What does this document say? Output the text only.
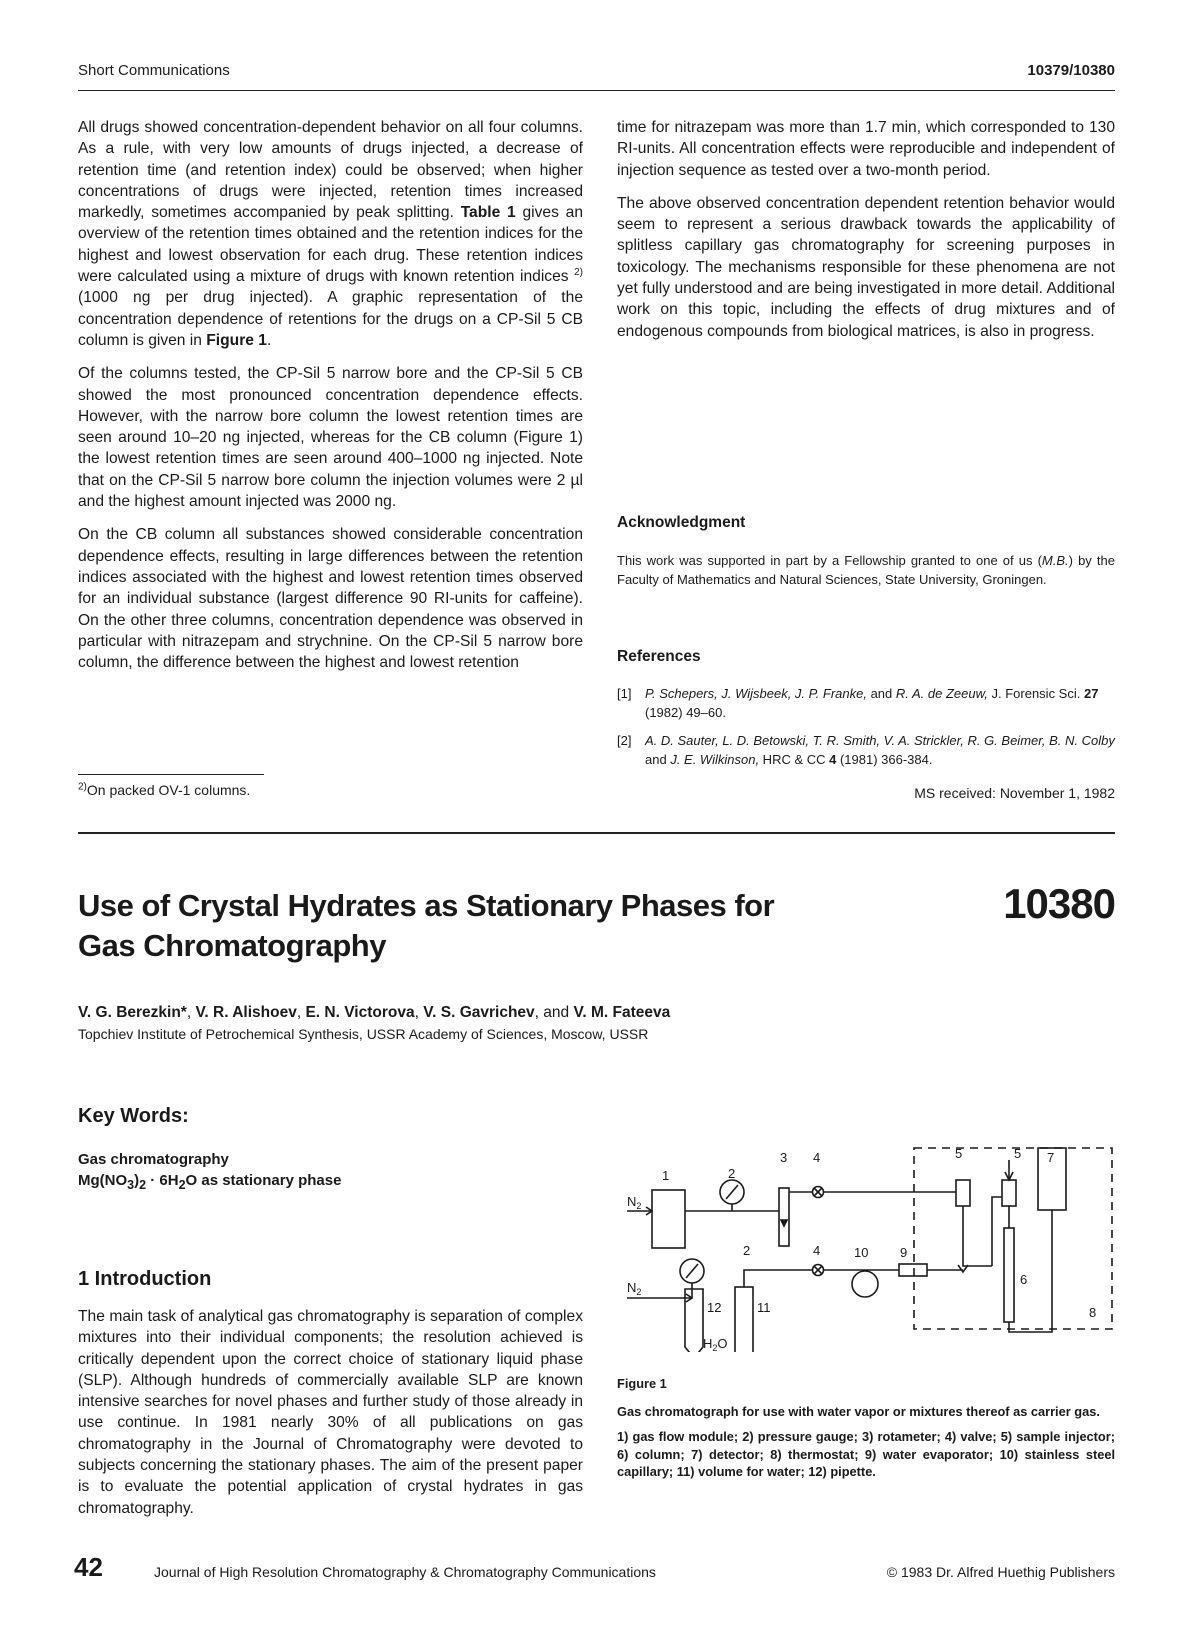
Short Communications	10379/10380

All drugs showed concentration-dependent behavior on all four columns. As a rule, with very low amounts of drugs injected, a decrease of retention time (and retention index) could be observed; when higher concentrations of drugs were injected, retention times increased markedly, sometimes accompanied by peak splitting. Table 1 gives an overview of the retention times obtained and the retention indices for the highest and lowest observation for each drug. These retention indices were calculated using a mixture of drugs with known retention indices $^{2)}$ (1000 ng per drug injected). A graphic representation of the concentration dependence of retentions for the drugs on a CP-Sil 5 CB column is given in Figure 1.

Of the columns tested, the CP-Sil 5 narrow bore and the CP-Sil 5 CB showed the most pronounced concentration dependence effects. However, with the narrow bore column the lowest retention times are seen around 10–20 ng injected, whereas for the CB column (Figure 1) the lowest retention times are seen around 400–1000 ng injected. Note that on the CP-Sil 5 narrow bore column the injection volumes were 2 µl and the highest amount injected was 2000 ng.

On the CB column all substances showed considerable concentration dependence effects, resulting in large differences between the retention indices associated with the highest and lowest retention times observed for an individual substance (largest difference 90 RI-units for caffeine). On the other three columns, concentration dependence was observed in particular with nitrazepam and strychnine. On the CP-Sil 5 narrow bore column, the difference between the highest and lowest retention

$^{2)}$On packed OV-1 columns.

time for nitrazepam was more than 1.7 min, which corresponded to 130 RI-units. All concentration effects were reproducible and independent of injection sequence as tested over a two-month period.

The above observed concentration dependent retention behavior would seem to represent a serious drawback towards the applicability of splitless capillary gas chromatography for screening purposes in toxicology. The mechanisms responsible for these phenomena are not yet fully understood and are being investigated in more detail. Additional work on this topic, including the effects of drug mixtures and of endogenous compounds from biological matrices, is also in progress.

Acknowledgment

This work was supported in part by a Fellowship granted to one of us (M.B.) by the Faculty of Mathematics and Natural Sciences, State University, Groningen.

References
[1]	P. Schepers, J. Wijsbeek, J. P. Franke, and R. A. de Zeeuw, J. Forensic Sci. 27 (1982) 49–60.
[2]	A. D. Sauter, L. D. Betowski, T. R. Smith, V. A. Strickler, R. G. Beimer, B. N. Colby and J. E. Wilkinson, HRC & CC 4 (1981) 366-384.
MS received: November 1, 1982
Use of Crystal Hydrates as Stationary Phases for
Gas Chromatography
10380
V. G. Berezkin*, V. R. Alishoev, E. N. Victorova, V. S. Gavrichev, and V. M. Fateeva
Topchiev Institute of Petrochemical Synthesis, USSR Academy of Sciences, Moscow, USSR
Key Words:
Gas chromatography
$Mg(NO_3)_2 \cdot 6H_2O$ as stationary phase
1 Introduction

The main task of analytical gas chromatography is separation of complex mixtures into their individual components; the resolution achieved is critically dependent upon the correct choice of stationary liquid phase (SLP). Although hundreds of commercially available SLP are known intensive searches for novel phases and further study of those already in use continue. In 1981 nearly 30% of all publications on gas chromatography in the Journal of Chromatography were devoted to subjects concerning the stationary phases. The aim of the present paper is to evaluate the potential application of crystal hydrates in gas chromatography.

1	2
2
3 4
4
5	5
6
7
8
9
10
11
12
$N_2$
$N_2$
$H_2O$

Figure 1

Gas chromatograph for use with water vapor or mixtures thereof as carrier gas.

1) gas flow module; 2) pressure gauge; 3) rotameter; 4) valve; 5) sample injector; 6) column; 7) detector; 8) thermostat; 9) water evaporator; 10) stainless steel capillary; 11) volume for water; 12) pipette.

42	Journal of High Resolution Chromatography & Chromatography Communications	© 1983 Dr. Alfred Huethig Publishers
